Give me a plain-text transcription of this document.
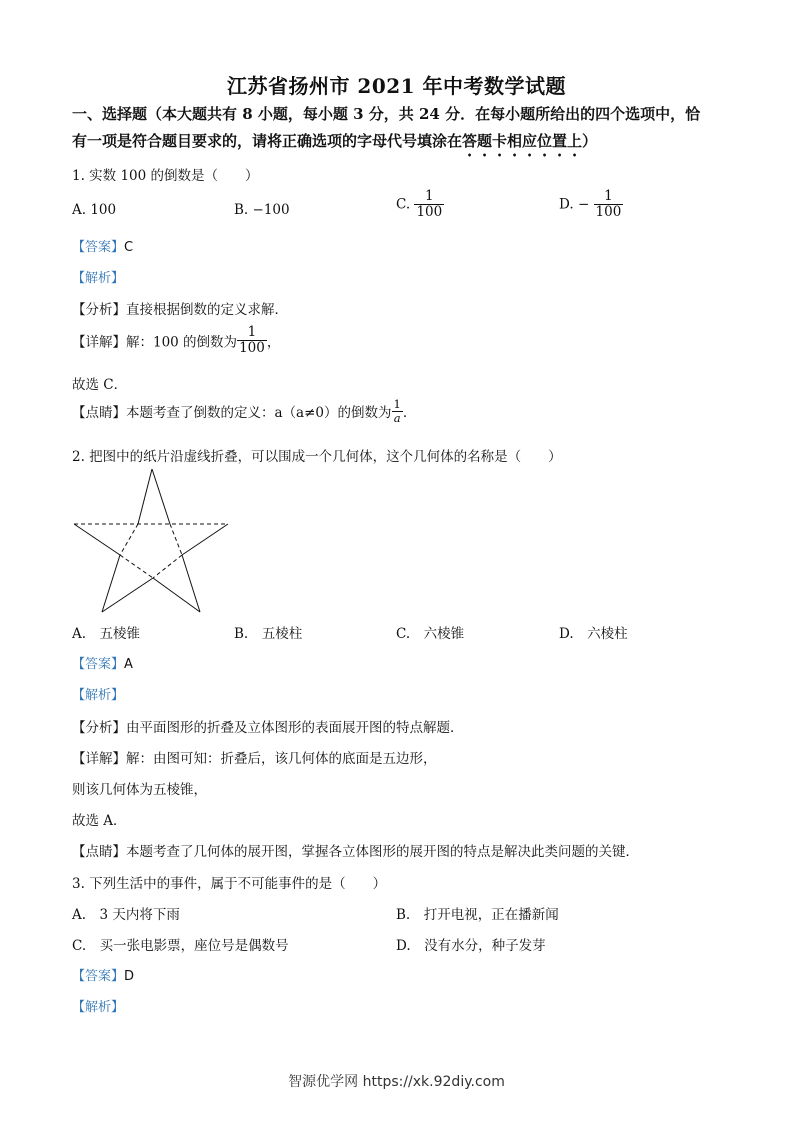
江苏省扬州市 2021 年中考数学试题
一、选择题（本大题共有 8 小题，每小题 3 分，共 24 分．在每小题所给出的四个选项中，恰
有一项是符合题目要求的，请将正确选项的字母代号填涂在答题卡相应位置上）
1. 实数 100 的倒数是（　　）
A. 100	B. −100	C. $\frac{1}{100}$	D. − $\frac{1}{100}$
【答案】C
【解析】
【分析】直接根据倒数的定义求解．
【详解】解：100 的倒数为 $\frac{1}{100}$ ，
故选 C．
【点睛】本题考查了倒数的定义：a（a≠0）的倒数为 $\frac{1}{a}$ ．
2. 把图中的纸片沿虚线折叠，可以围成一个几何体，这个几何体的名称是（　　）
A.　五棱锥	B.　五棱柱	C.　六棱锥	D.　六棱柱
【答案】A
【解析】
【分析】由平面图形的折叠及立体图形的表面展开图的特点解题．
【详解】解：由图可知：折叠后，该几何体的底面是五边形，
则该几何体为五棱锥，
故选 A．
【点睛】本题考查了几何体的展开图，掌握各立体图形的展开图的特点是解决此类问题的关键．
3. 下列生活中的事件，属于不可能事件的是（　　）
A.　3 天内将下雨	B.　打开电视，正在播新闻
C.　买一张电影票，座位号是偶数号	D.　没有水分，种子发芽
【答案】D
【解析】
智源优学网 https://xk.92diy.com
